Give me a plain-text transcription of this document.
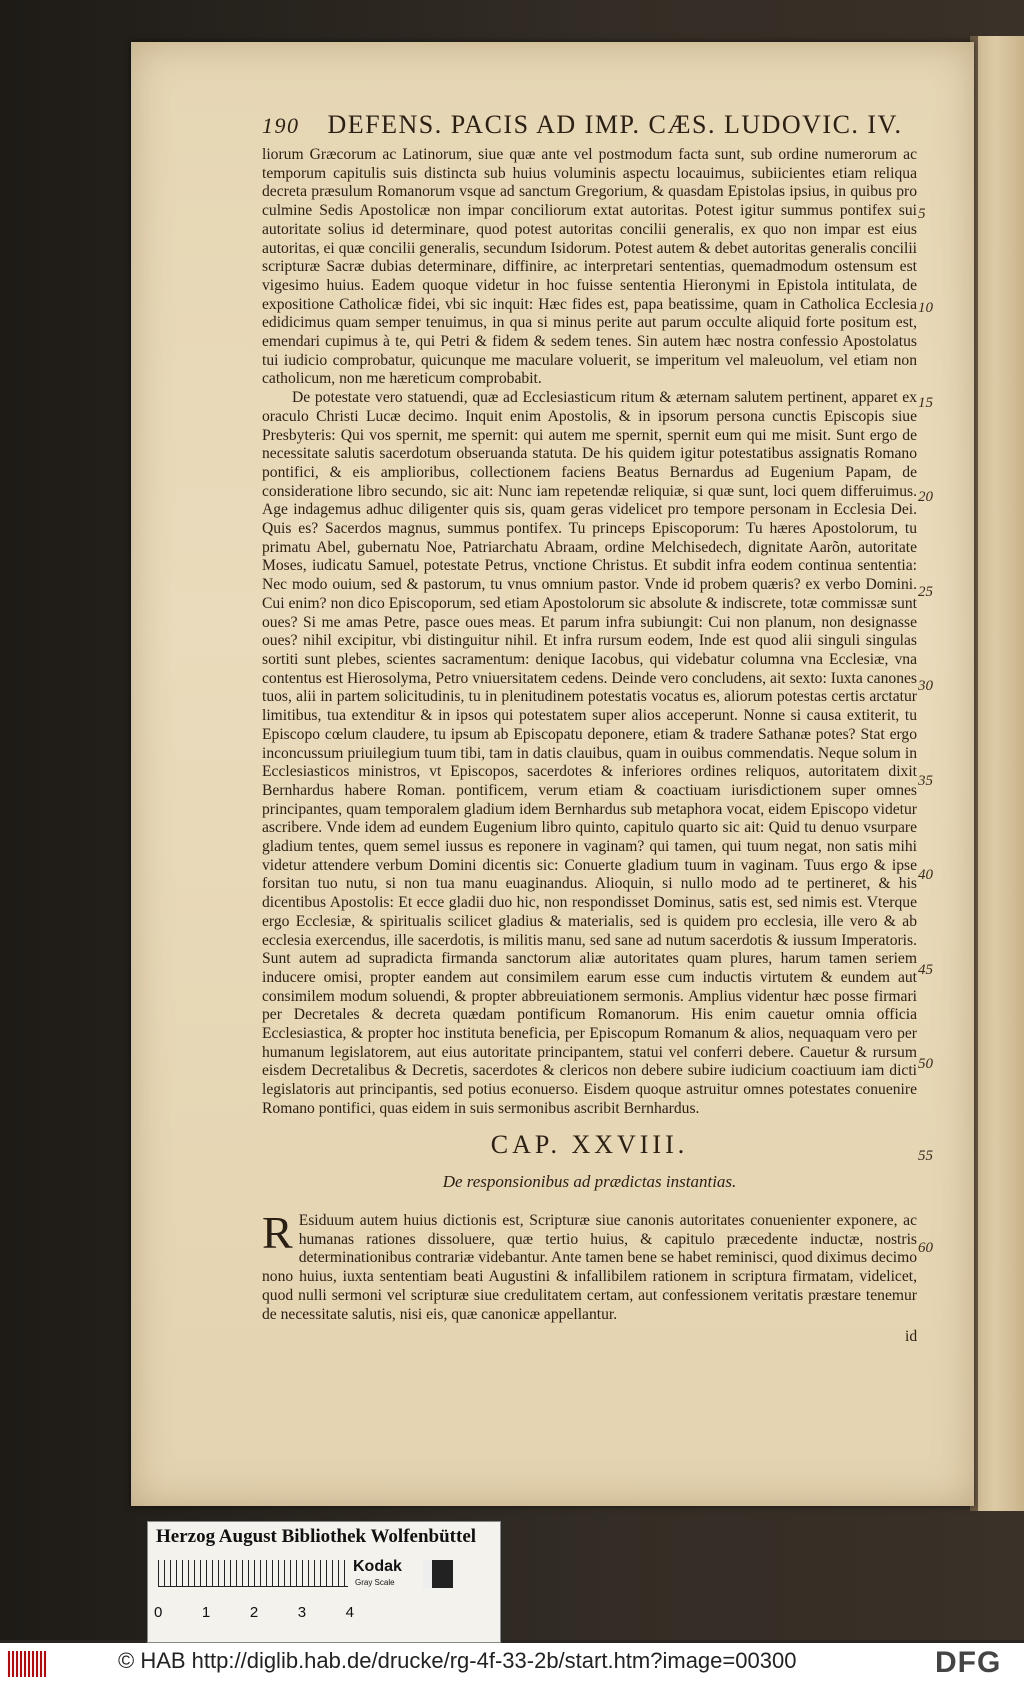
190 DEFENS. PACIS AD IMP. CÆS. LUDOVIC. IV.

liorum Græcorum ac Latinorum, siue quæ ante vel postmodum facta sunt, sub ordine numerorum ac temporum capitulis suis distincta sub huius voluminis aspectu locauimus, subiicientes etiam reliqua decreta præsulum Romanorum vsque ad sanctum Gregorium, & quasdam Epistolas ipsius, in quibus pro culmine Sedis Apostolicæ non impar conciliorum extat autoritas. Potest igitur summus pontifex sui autoritate solius id determinare, quod potest autoritas concilii generalis, ex quo non impar est eius autoritas, ei quæ concilii generalis, secundum Isidorum. Potest autem & debet autoritas generalis concilii scripturæ Sacræ dubias determinare, diffinire, ac interpretari sententias, quemadmodum ostensum est vigesimo huius. Eadem quoque videtur in hoc fuisse sententia Hieronymi in Epistola intitulata, de expositione Catholicæ fidei, vbi sic inquit: Hæc fides est, papa beatissime, quam in Catholica Ecclesia edidicimus quam semper tenuimus, in qua si minus perite aut parum occulte aliquid forte positum est, emendari cupimus à te, qui Petri & fidem & sedem tenes. Sin autem hæc nostra confessio Apostolatus tui iudicio comprobatur, quicunque me maculare voluerit, se imperitum vel maleuolum, vel etiam non catholicum, non me hæreticum comprobabit.

De potestate vero statuendi, quæ ad Ecclesiasticum ritum & æternam salutem pertinent, apparet ex oraculo Christi Lucæ decimo. Inquit enim Apostolis, & in ipsorum persona cunctis Episcopis siue Presbyteris: Qui vos spernit, me spernit: qui autem me spernit, spernit eum qui me misit. Sunt ergo de necessitate salutis sacerdotum obseruanda statuta. De his quidem igitur potestatibus assignatis Romano pontifici, & eis amplioribus, collectionem faciens Beatus Bernardus ad Eugenium Papam, de consideratione libro secundo, sic ait: Nunc iam repetendæ reliquiæ, si quæ sunt, loci quem differuimus. Age indagemus adhuc diligenter quis sis, quam geras videlicet pro tempore personam in Ecclesia Dei. Quis es? Sacerdos magnus, summus pontifex. Tu princeps Episcoporum: Tu hæres Apostolorum, tu primatu Abel, gubernatu Noe, Patriarchatu Abraam, ordine Melchisedech, dignitate Aarõn, autoritate Moses, iudicatu Samuel, potestate Petrus, vnctione Christus. Et subdit infra eodem continua sententia: Nec modo ouium, sed & pastorum, tu vnus omnium pastor. Vnde id probem quæris? ex verbo Domini. Cui enim? non dico Episcoporum, sed etiam Apostolorum sic absolute & indiscrete, totæ commissæ sunt oues? Si me amas Petre, pasce oues meas. Et parum infra subiungit: Cui non planum, non designasse oues? nihil excipitur, vbi distinguitur nihil. Et infra rursum eodem, Inde est quod alii singuli singulas sortiti sunt plebes, scientes sacramentum: denique Iacobus, qui videbatur columna vna Ecclesiæ, vna contentus est Hierosolyma, Petro vniuersitatem cedens. Deinde vero concludens, ait sexto: Iuxta canones tuos, alii in partem solicitudinis, tu in plenitudinem potestatis vocatus es, aliorum potestas certis arctatur limitibus, tua extenditur & in ipsos qui potestatem super alios acceperunt. Nonne si causa extiterit, tu Episcopo cœlum claudere, tu ipsum ab Episcopatu deponere, etiam & tradere Sathanæ potes? Stat ergo inconcussum priuilegium tuum tibi, tam in datis clauibus, quam in ouibus commendatis. Neque solum in Ecclesiasticos ministros, vt Episcopos, sacerdotes & inferiores ordines reliquos, autoritatem dixit Bernhardus habere Roman. pontificem, verum etiam & coactiuam iurisdictionem super omnes principantes, quam temporalem gladium idem Bernhardus sub metaphora vocat, eidem Episcopo videtur ascribere. Vnde idem ad eundem Eugenium libro quinto, capitulo quarto sic ait: Quid tu denuo vsurpare gladium tentes, quem semel iussus es reponere in vaginam? qui tamen, qui tuum negat, non satis mihi videtur attendere verbum Domini dicentis sic: Conuerte gladium tuum in vaginam. Tuus ergo & ipse forsitan tuo nutu, si non tua manu euaginandus. Alioquin, si nullo modo ad te pertineret, & his dicentibus Apostolis: Et ecce gladii duo hic, non respondisset Dominus, satis est, sed nimis est. Vterque ergo Ecclesiæ, & spiritualis scilicet gladius & materialis, sed is quidem pro ecclesia, ille vero & ab ecclesia exercendus, ille sacerdotis, is militis manu, sed sane ad nutum sacerdotis & iussum Imperatoris. Sunt autem ad supradicta firmanda sanctorum aliæ autoritates quam plures, harum tamen seriem inducere omisi, propter eandem aut consimilem earum esse cum inductis virtutem & eundem aut consimilem modum soluendi, & propter abbreuiationem sermonis. Amplius videntur hæc posse firmari per Decretales & decreta quædam pontificum Romanorum. His enim cauetur omnia officia Ecclesiastica, & propter hoc instituta beneficia, per Episcopum Romanum & alios, nequaquam vero per humanum legislatorem, aut eius autoritate principantem, statui vel conferri debere. Cauetur & rursum eisdem Decretalibus & Decretis, sacerdotes & clericos non debere subire iudicium coactiuum iam dicti legislatoris aut principantis, sed potius econuerso. Eisdem quoque astruitur omnes potestates conuenire Romano pontifici, quas eidem in suis sermonibus ascribit Bernhardus.

5
10
15
20
25
30
35
40
45
50
55
60
CAP. XXVIII.
De responsionibus ad prædictas instantias.
R Esiduum autem huius dictionis est, Scripturæ siue canonis autoritates conuenienter exponere, ac humanas rationes dissoluere, quæ tertio huius, & capitulo præcedente inductæ, nostris determinationibus contrariæ videbantur. Ante tamen bene se habet reminisci, quod diximus decimo nono huius, iuxta sententiam beati Augustini & infallibilem rationem in scriptura firmatam, videlicet, quod nulli sermoni vel scripturæ siue credulitatem certam, aut confessionem veritatis præstare tenemur de necessitate salutis, nisi eis, quæ canonicæ appellantur.
id
Herzog August Bibliothek Wolfenbüttel
Kodak
Gray Scale
0	1	2	3	4
© HAB http://diglib.hab.de/drucke/rg-4f-33-2b/start.htm?image=00300	DFG
